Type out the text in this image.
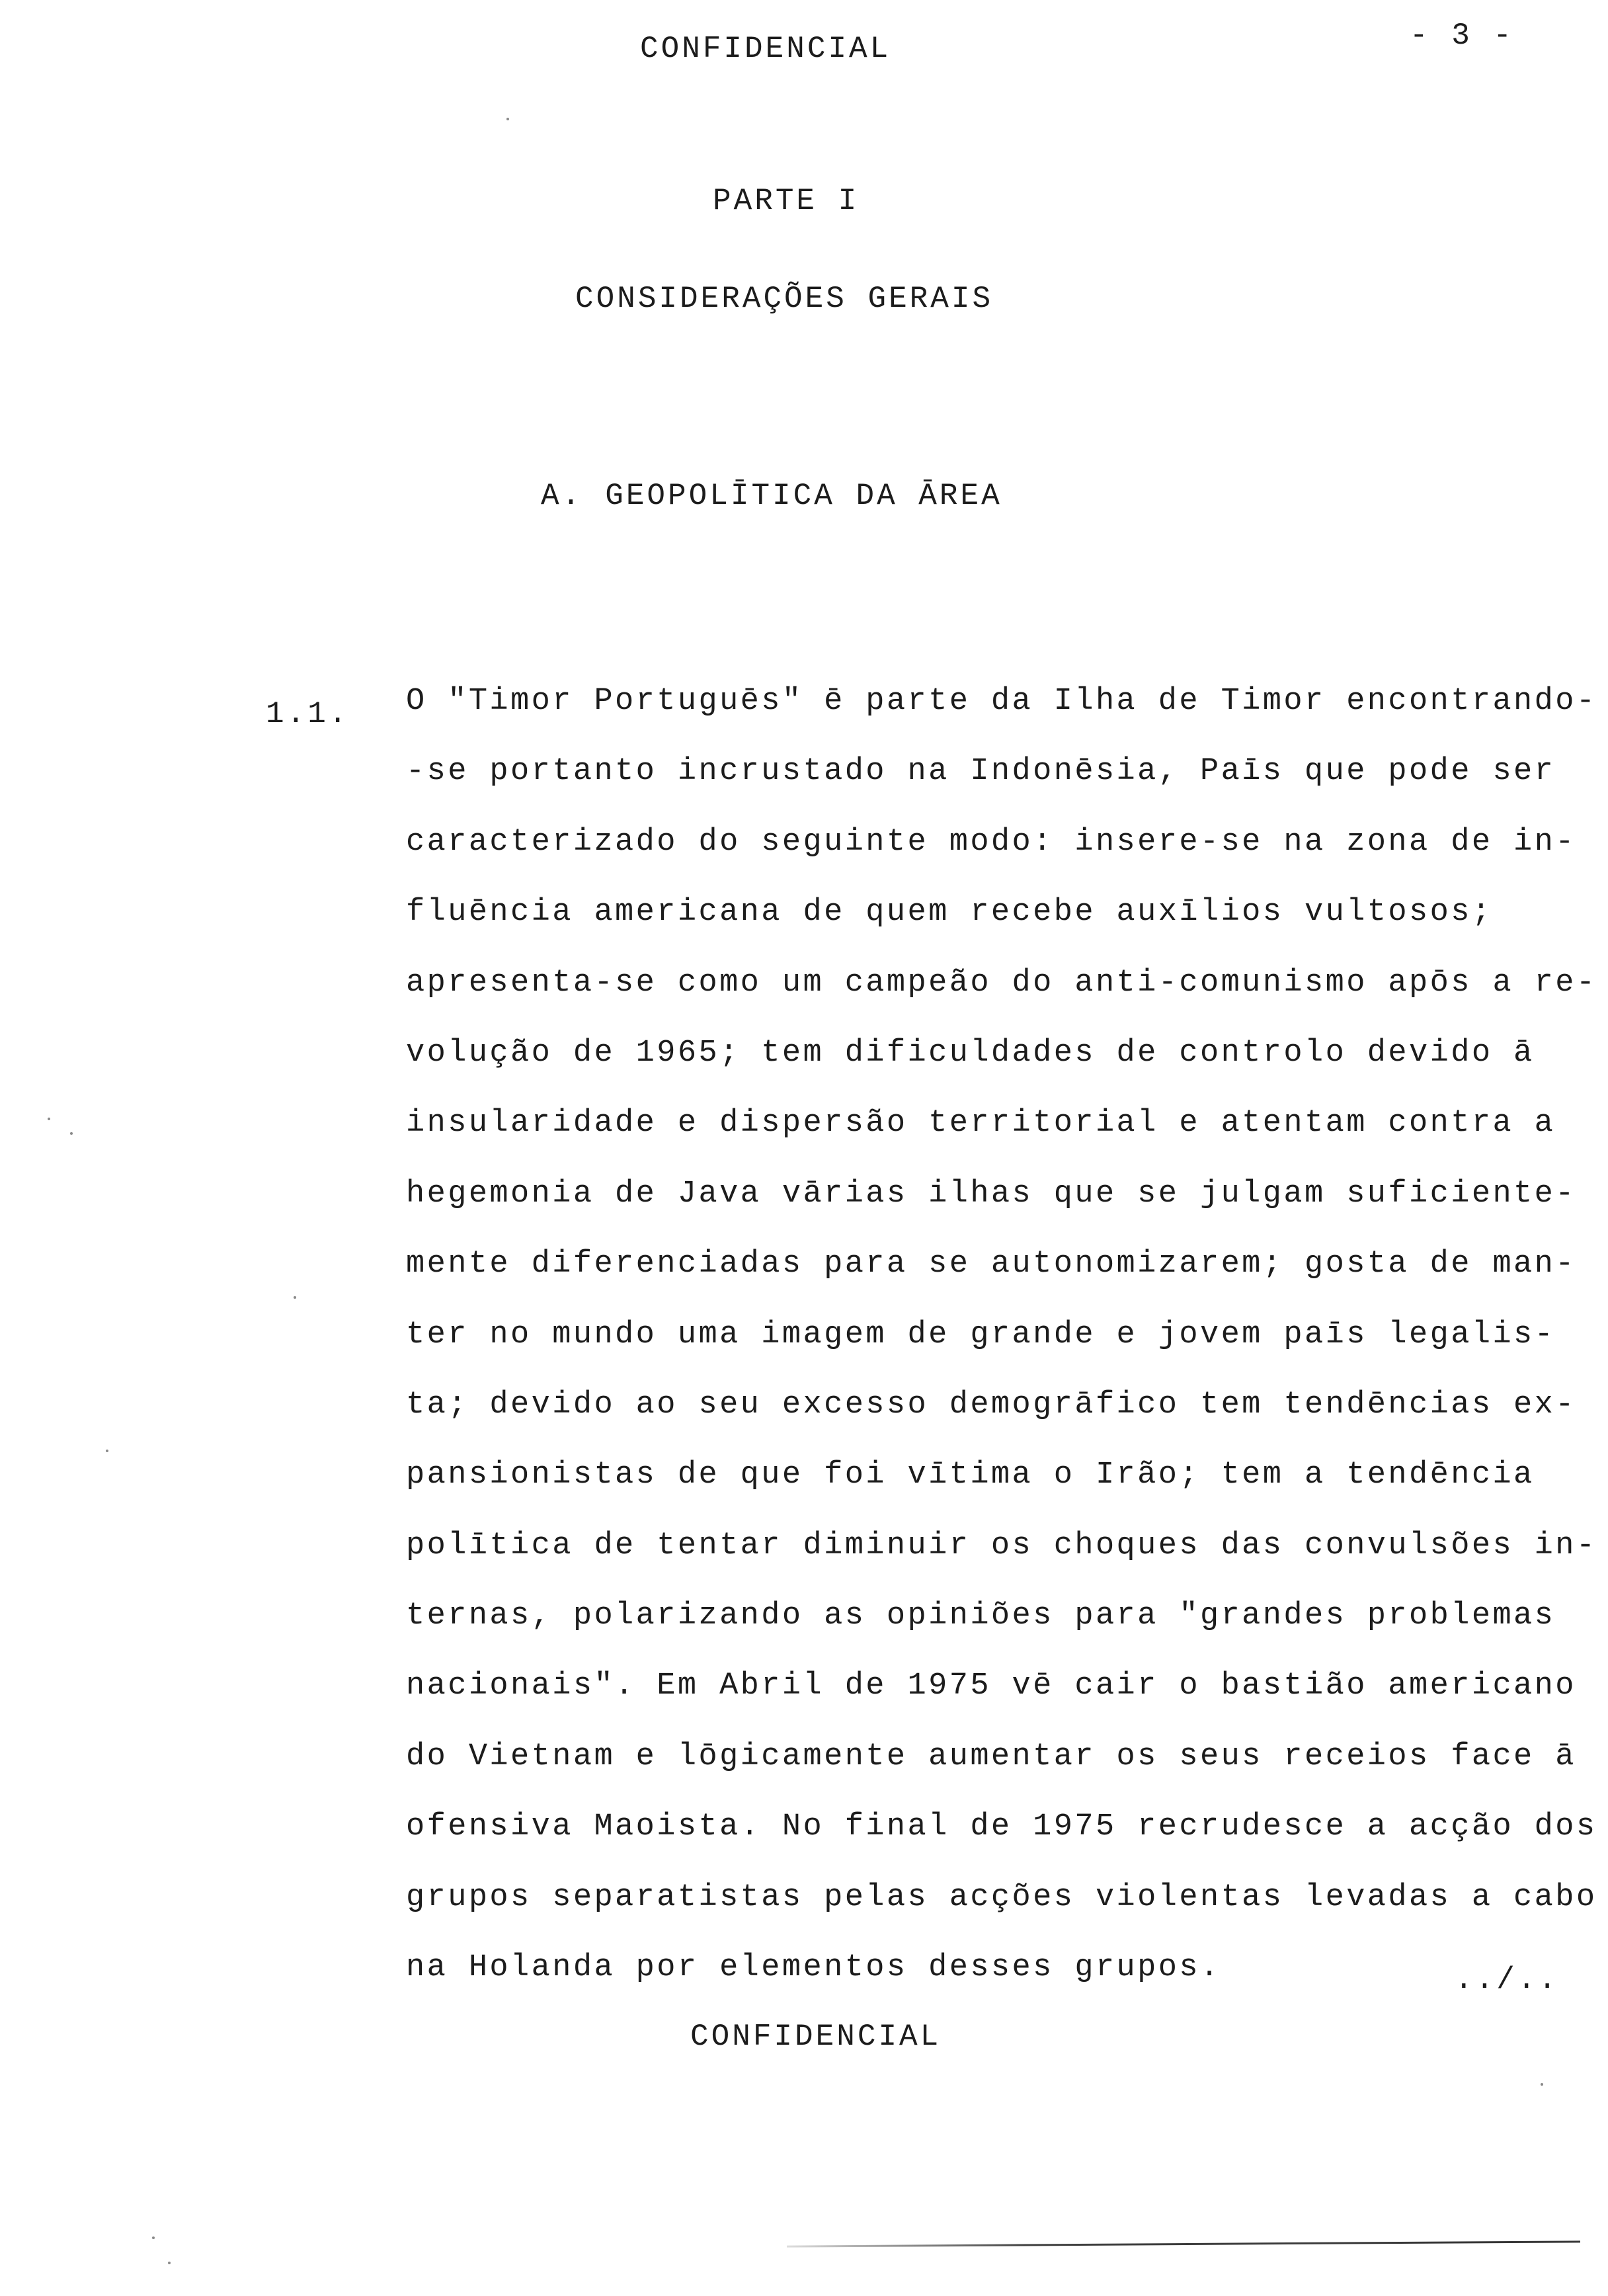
CONFIDENCIAL	- 3 -
PARTE I
CONSIDERAÇÕES GERAIS
A. GEOPOLĪTICA DA ĀREA
1.1. O "Timor Portuguēs" ē parte da Ilha de Timor encontrando-
-se portanto incrustado na Indonēsia, Paīs que pode ser
caracterizado do seguinte modo: insere-se na zona de in-
fluēncia americana de quem recebe auxīlios vultosos;
apresenta-se como um campeão do anti-comunismo apōs a re-
volução de 1965; tem dificuldades de controlo devido ā
insularidade e dispersão territorial e atentam contra a
hegemonia de Java vārias ilhas que se julgam suficiente-
mente diferenciadas para se autonomizarem; gosta de man-
ter no mundo uma imagem de grande e jovem paīs legalis-
ta; devido ao seu excesso demogrāfico tem tendēncias ex-
pansionistas de que foi vītima o Irão; tem a tendēncia
polītica de tentar diminuir os choques das convulsões in-
ternas, polarizando as opiniões para "grandes problemas
nacionais". Em Abril de 1975 vē cair o bastião americano
do Vietnam e lōgicamente aumentar os seus receios face ā
ofensiva Maoista. No final de 1975 recrudesce a acção dos
grupos separatistas pelas acções violentas levadas a cabo
na Holanda por elementos desses grupos.	../..
CONFIDENCIAL
